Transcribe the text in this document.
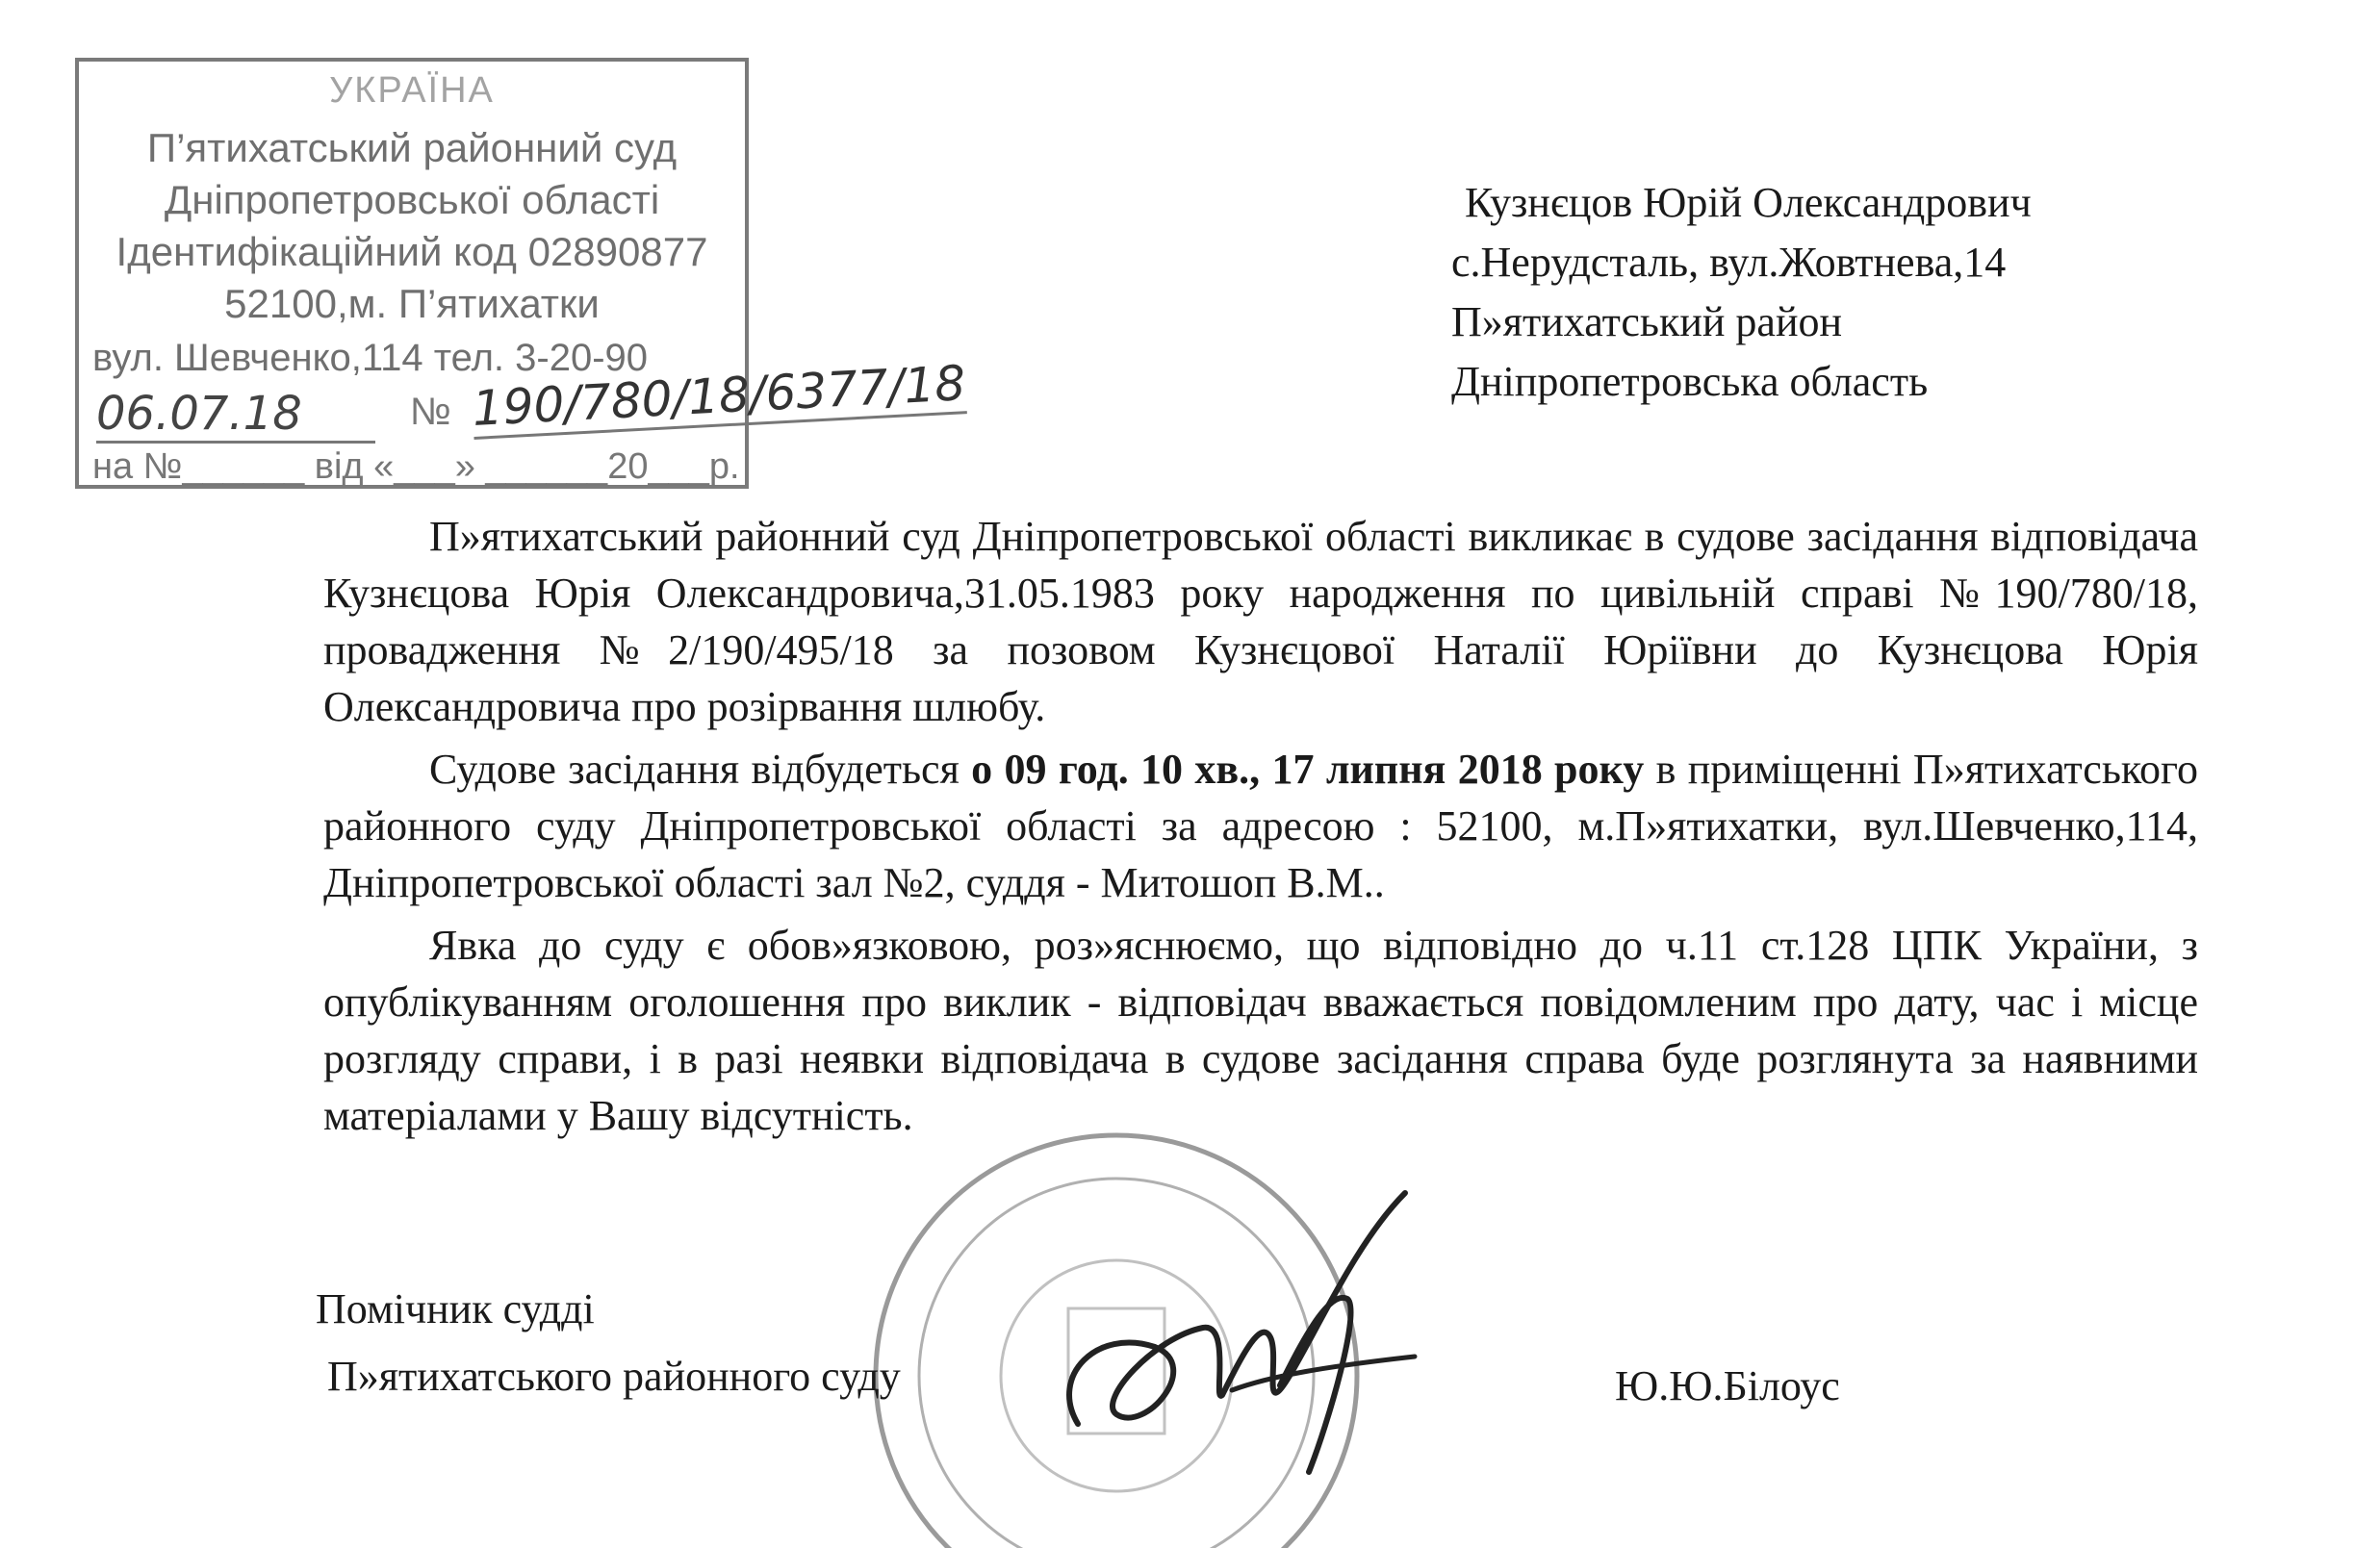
УКРАЇНА
П’ятихатський районний суд
Дніпропетровської області
Ідентифікаційний код 02890877
52100,м. П’ятихатки
вул. Шевченко,114 тел. 3-20-90
06.07.18	№ 190/780/18/6377/18
на №______ від «___» ______20___р.
Кузнєцов Юрій Олександрович
с.Нерудсталь, вул.Жовтнева,14
П»ятихатський район
Дніпропетровська область

П»ятихатський районний суд Дніпропетровської області викликає в судове засідання відповідача Кузнєцова Юрія Олександровича,31.05.1983 року народження по цивільній справі №190/780/18, провадження №2/190/495/18 за позовом Кузнєцової Наталії Юріївни до Кузнєцова Юрія Олександровича про розірвання шлюбу.

Судове засідання відбудеться о 09 год. 10 хв., 17 липня 2018 року в приміщенні П»ятихатського районного суду Дніпропетровської області за адресою : 52100, м.П»ятихатки, вул.Шевченко,114, Дніпропетровської області зал №2, суддя - Митошоп В.М..

Явка до суду є обов»язковою, роз»яснюємо, що відповідно до ч.11 ст.128 ЦПК України, з опублікуванням оголошення про виклик - відповідач вважається повідомленим про дату, час і місце розгляду справи, і в разі неявки відповідача в судове засідання справа буде розглянута за наявними матеріалами у Вашу відсутність.

Помічник судді
П»ятихатського районного суду	Ю.Ю.Білоус
